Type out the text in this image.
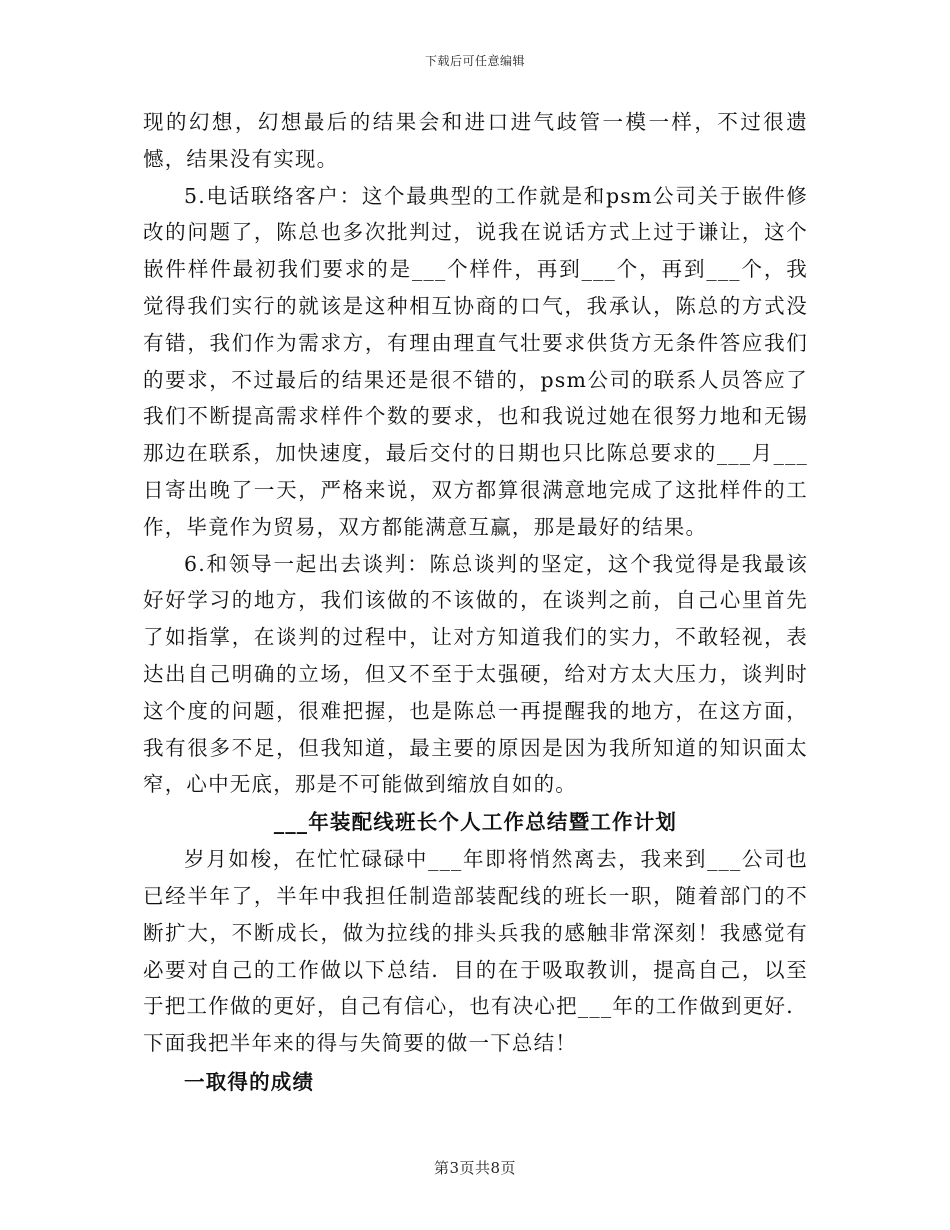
下载后可任意编辑

现的幻想，幻想最后的结果会和进口进气歧管一模一样，不过很遗憾，结果没有实现。

5.电话联络客户：这个最典型的工作就是和psm公司关于嵌件修改的问题了，陈总也多次批判过，说我在说话方式上过于谦让，这个嵌件样件最初我们要求的是___个样件，再到___个，再到___个，我觉得我们实行的就该是这种相互协商的口气，我承认，陈总的方式没有错，我们作为需求方，有理由理直气壮要求供货方无条件答应我们的要求，不过最后的结果还是很不错的，psm公司的联系人员答应了我们不断提高需求样件个数的要求，也和我说过她在很努力地和无锡那边在联系，加快速度，最后交付的日期也只比陈总要求的___月___日寄出晚了一天，严格来说，双方都算很满意地完成了这批样件的工作，毕竟作为贸易，双方都能满意互赢，那是最好的结果。

6.和领导一起出去谈判：陈总谈判的坚定，这个我觉得是我最该好好学习的地方，我们该做的不该做的，在谈判之前，自己心里首先了如指掌，在谈判的过程中，让对方知道我们的实力，不敢轻视，表达出自己明确的立场，但又不至于太强硬，给对方太大压力，谈判时这个度的问题，很难把握，也是陈总一再提醒我的地方，在这方面，我有很多不足，但我知道，最主要的原因是因为我所知道的知识面太窄，心中无底，那是不可能做到缩放自如的。

___年装配线班长个人工作总结暨工作计划

岁月如梭，在忙忙碌碌中___年即将悄然离去，我来到___公司也已经半年了，半年中我担任制造部装配线的班长一职，随着部门的不断扩大，不断成长，做为拉线的排头兵我的感触非常深刻！我感觉有必要对自己的工作做以下总结．目的在于吸取教训，提高自己，以至于把工作做的更好，自己有信心，也有决心把___年的工作做到更好．下面我把半年来的得与失简要的做一下总结！

一取得的成绩

第3页共8页
